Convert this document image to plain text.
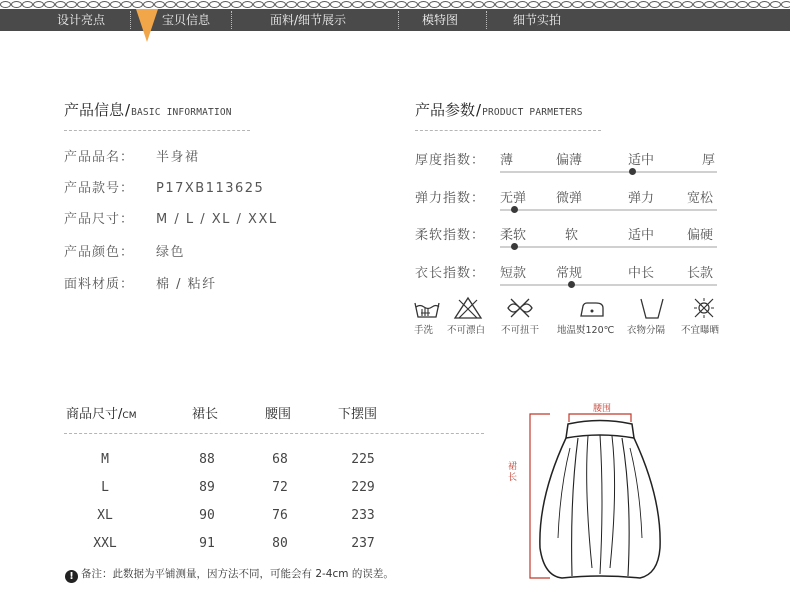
设计亮点	宝贝信息	面料/细节展示	模特图	细节实拍
产品信息/BASIC INFORMATION
产品品名： 半身裙
产品款号： P17XB113625
产品尺寸： M / L / XL / XXL
产品颜色： 绿色
面料材质： 棉 / 粘纤
产品参数/PRODUCT PARMETERS
厚度指数： 薄	偏薄	适中	厚
弹力指数： 无弹 微弹	弹力	宽松
柔软指数： 柔软	软	适中	偏硬
衣长指数： 短款 常规	中长	长款
手洗 不可漂白 不可扭干 地温熨120℃ 衣物分隔 不宜曝晒
商品尺寸/CM	裙长	腰围	下摆围
M	88	68	225
L	89	72	229
XL	90	76	233
XXL	91	80	237
! 备注：此数据为平铺测量，因方法不同，可能会有 2-4cm 的误差。
腰围
裙长
